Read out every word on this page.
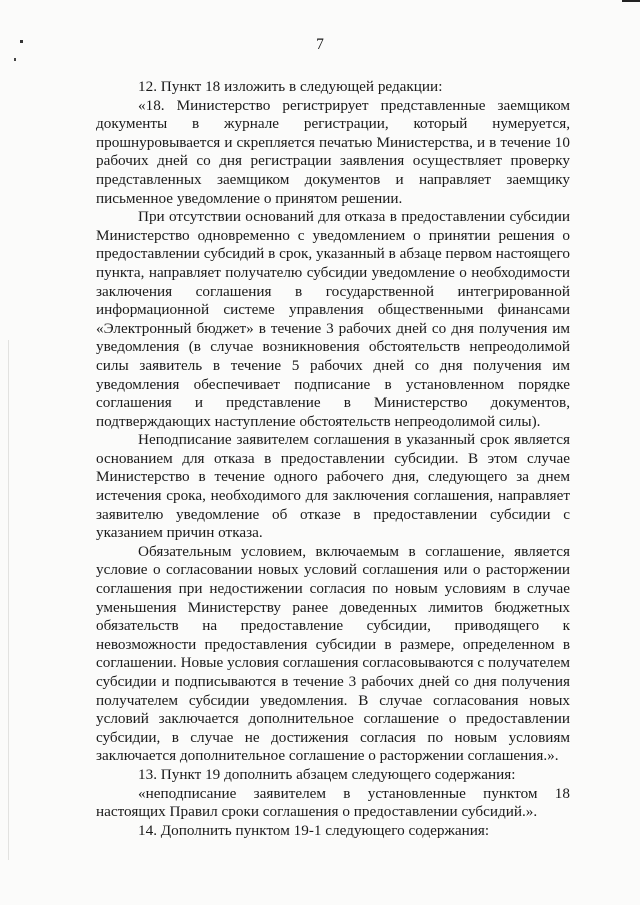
7

12. Пункт 18 изложить в следующей редакции:

«18. Министерство регистрирует представленные заемщиком документы в журнале регистрации, который нумеруется, прошнуровывается и скрепляется печатью Министерства, и в течение 10 рабочих дней со дня регистрации заявления осуществляет проверку представленных заемщиком документов и направляет заемщику письменное уведомление о принятом решении.

При отсутствии оснований для отказа в предоставлении субсидии Министерство одновременно с уведомлением о принятии решения о предоставлении субсидий в срок, указанный в абзаце первом настоящего пункта, направляет получателю субсидии уведомление о необходимости заключения соглашения в государственной интегрированной информационной системе управления общественными финансами «Электронный бюджет» в течение 3 рабочих дней со дня получения им уведомления (в случае возникновения обстоятельств непреодолимой силы заявитель в течение 5 рабочих дней со дня получения им уведомления обеспечивает подписание в установленном порядке соглашения и представление в Министерство документов, подтверждающих наступление обстоятельств непреодолимой силы).

Неподписание заявителем соглашения в указанный срок является основанием для отказа в предоставлении субсидии. В этом случае Министерство в течение одного рабочего дня, следующего за днем истечения срока, необходимого для заключения соглашения, направляет заявителю уведомление об отказе в предоставлении субсидии с указанием причин отказа.

Обязательным условием, включаемым в соглашение, является условие о согласовании новых условий соглашения или о расторжении соглашения при недостижении согласия по новым условиям в случае уменьшения Министерству ранее доведенных лимитов бюджетных обязательств на предоставление субсидии, приводящего к невозможности предоставления субсидии в размере, определенном в соглашении. Новые условия соглашения согласовываются с получателем субсидии и подписываются в течение 3 рабочих дней со дня получения получателем субсидии уведомления. В случае согласования новых условий заключается дополнительное соглашение о предоставлении субсидии, в случае не достижения согласия по новым условиям заключается дополнительное соглашение о расторжении соглашения.».

13. Пункт 19 дополнить абзацем следующего содержания:

«неподписание заявителем в установленные пунктом 18 настоящих Правил сроки соглашения о предоставлении субсидий.».

14. Дополнить пунктом 19-1 следующего содержания:
